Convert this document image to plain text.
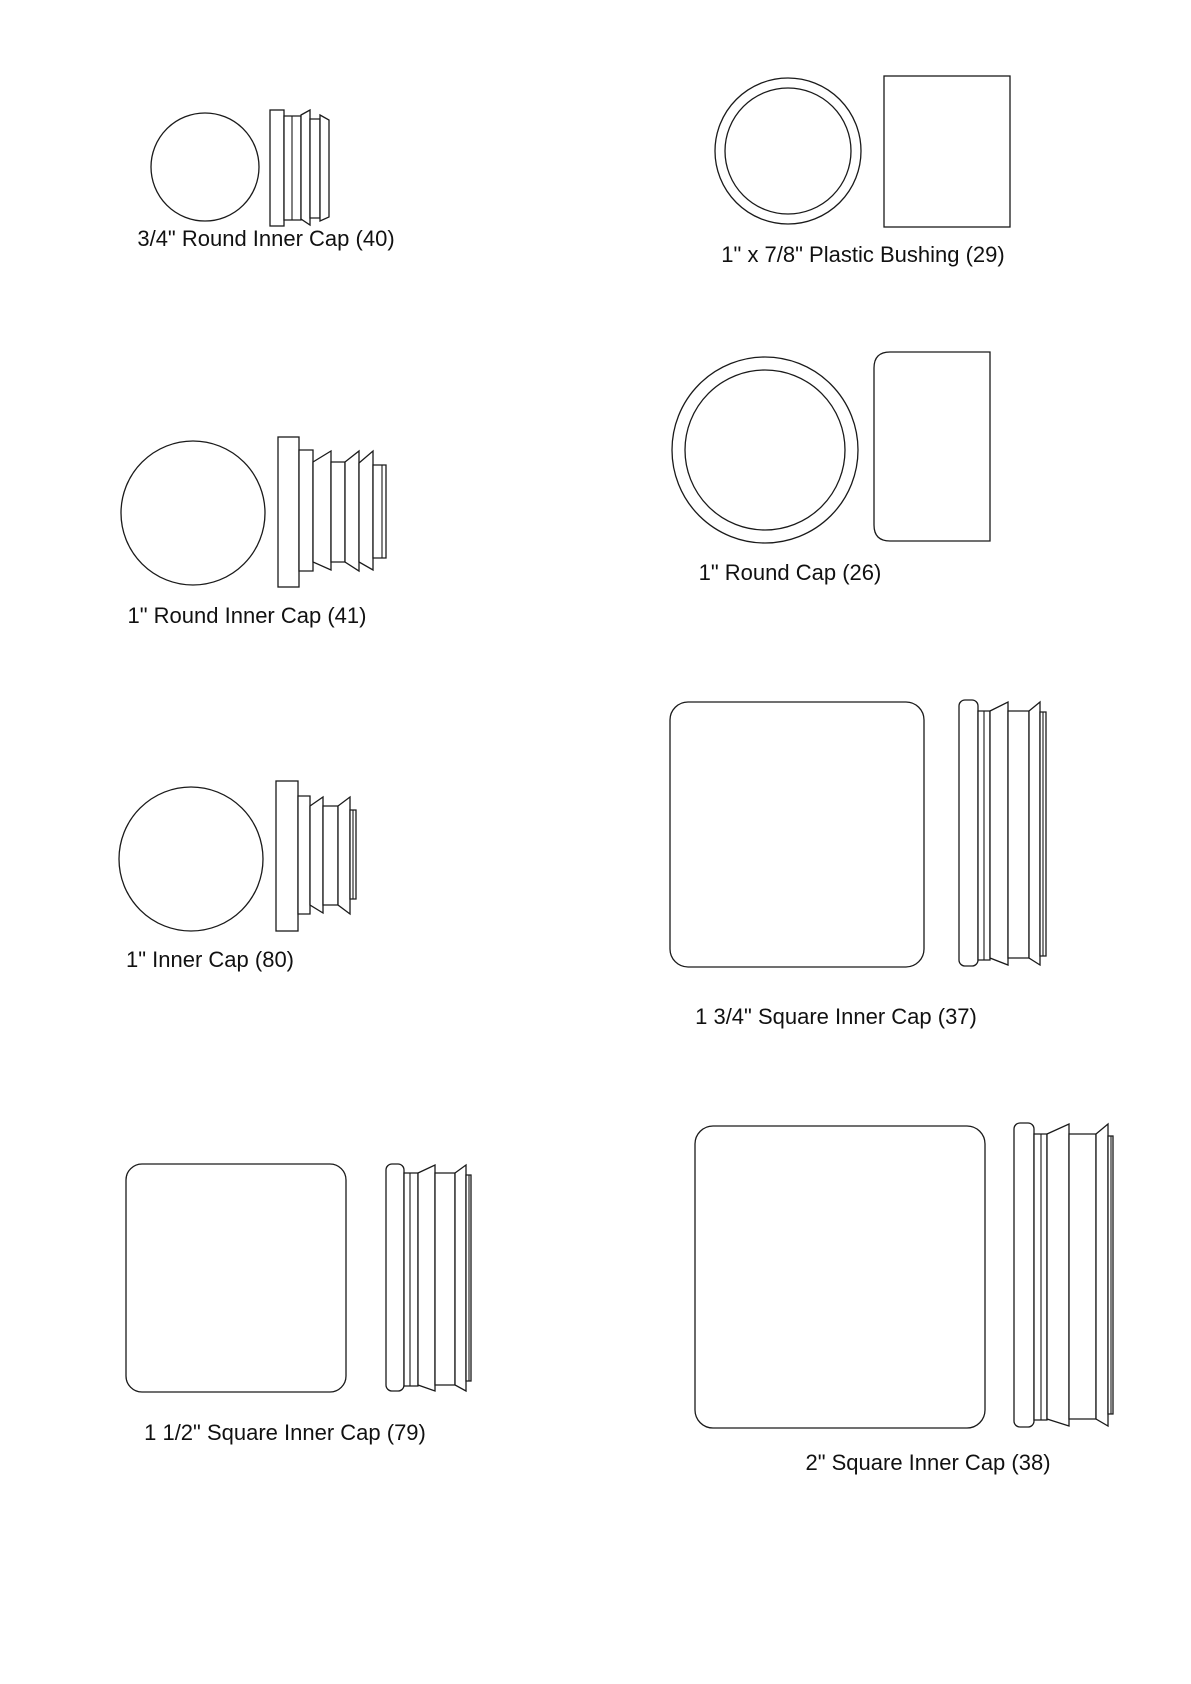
3/4" Round Inner Cap (40)
1" x 7/8" Plastic Bushing (29)
1" Round Inner Cap (41)
1" Round Cap (26)
1" Inner Cap (80)
1 3/4" Square Inner Cap (37)
1 1/2" Square Inner Cap (79)
2" Square Inner Cap (38)
